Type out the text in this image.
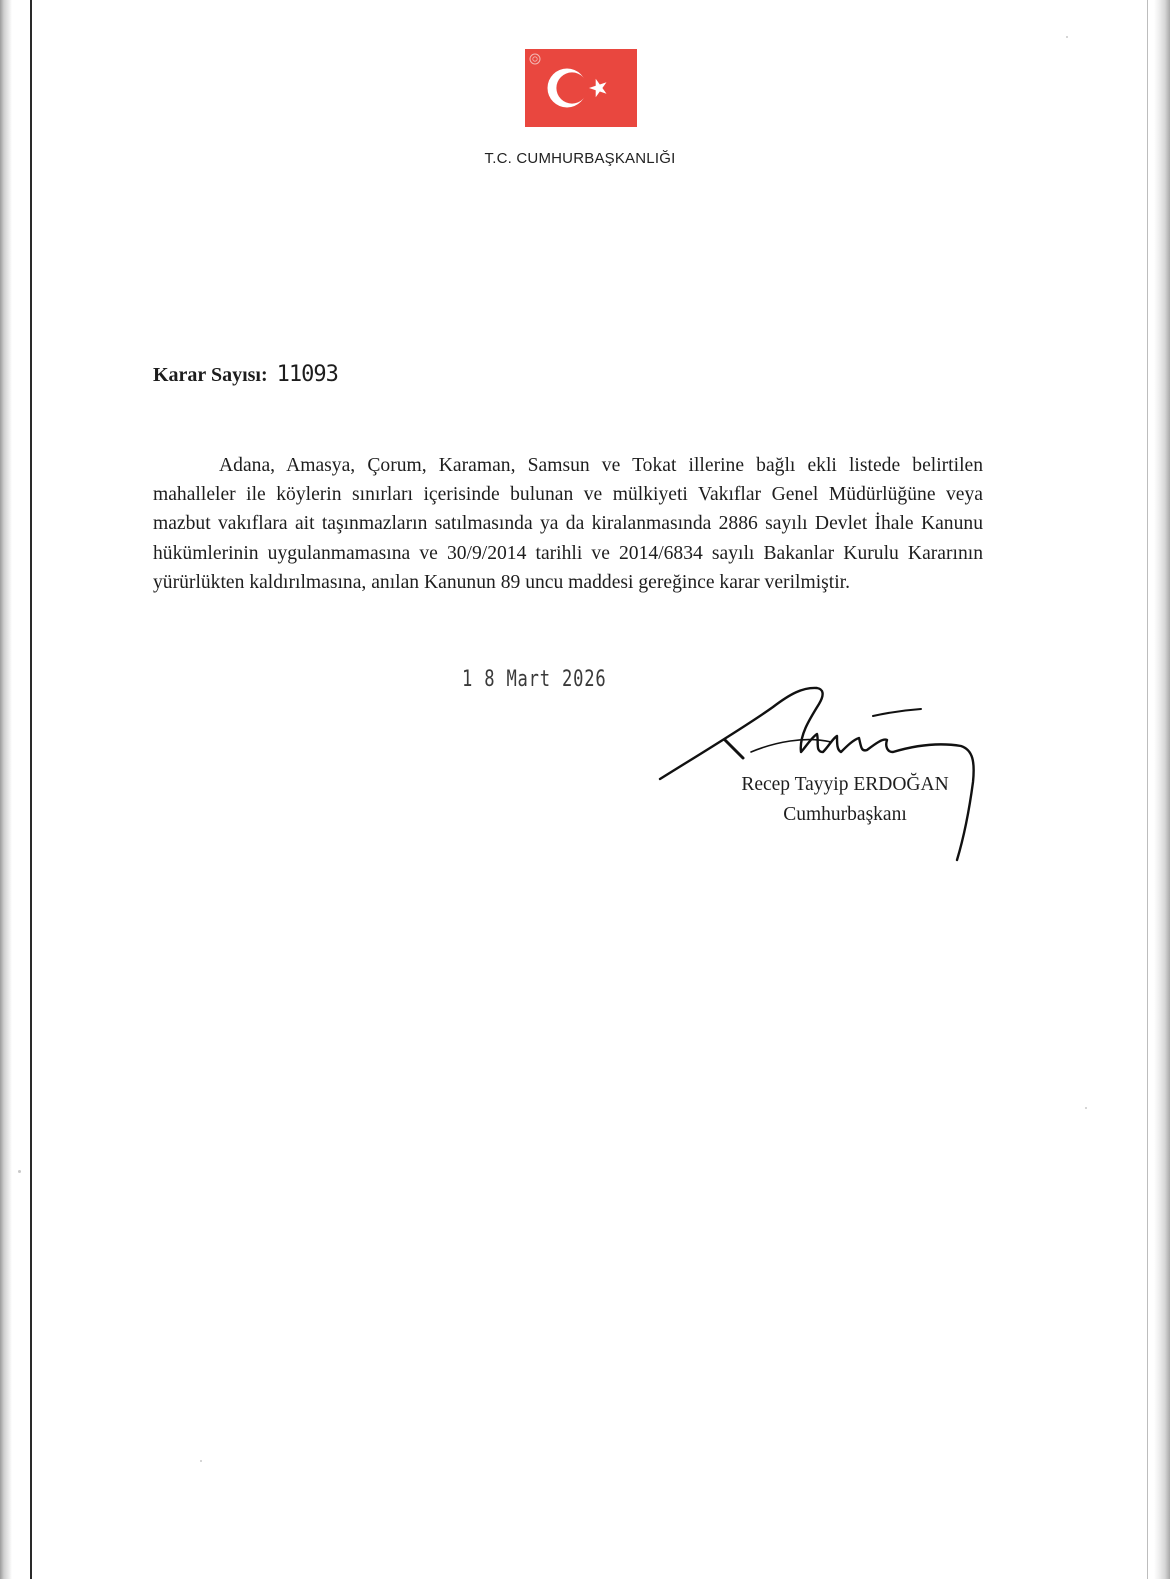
T.C. CUMHURBAŞKANLIĞI
Karar Sayısı: 11093
Adana, Amasya, Çorum, Karaman, Samsun ve Tokat illerine bağlı ekli listede belirtilen mahalleler ile köylerin sınırları içerisinde bulunan ve mülkiyeti Vakıflar Genel Müdürlüğüne veya mazbut vakıflara ait taşınmazların satılmasında ya da kiralanmasında 2886 sayılı Devlet İhale Kanunu hükümlerinin uygulanmamasına ve 30/9/2014 tarihli ve 2014/6834 sayılı Bakanlar Kurulu Kararının yürürlükten kaldırılmasına, anılan Kanunun 89 uncu maddesi gereğince karar verilmiştir.
1 8 Mart 2026
Recep Tayyip ERDOĞAN
Cumhurbaşkanı
